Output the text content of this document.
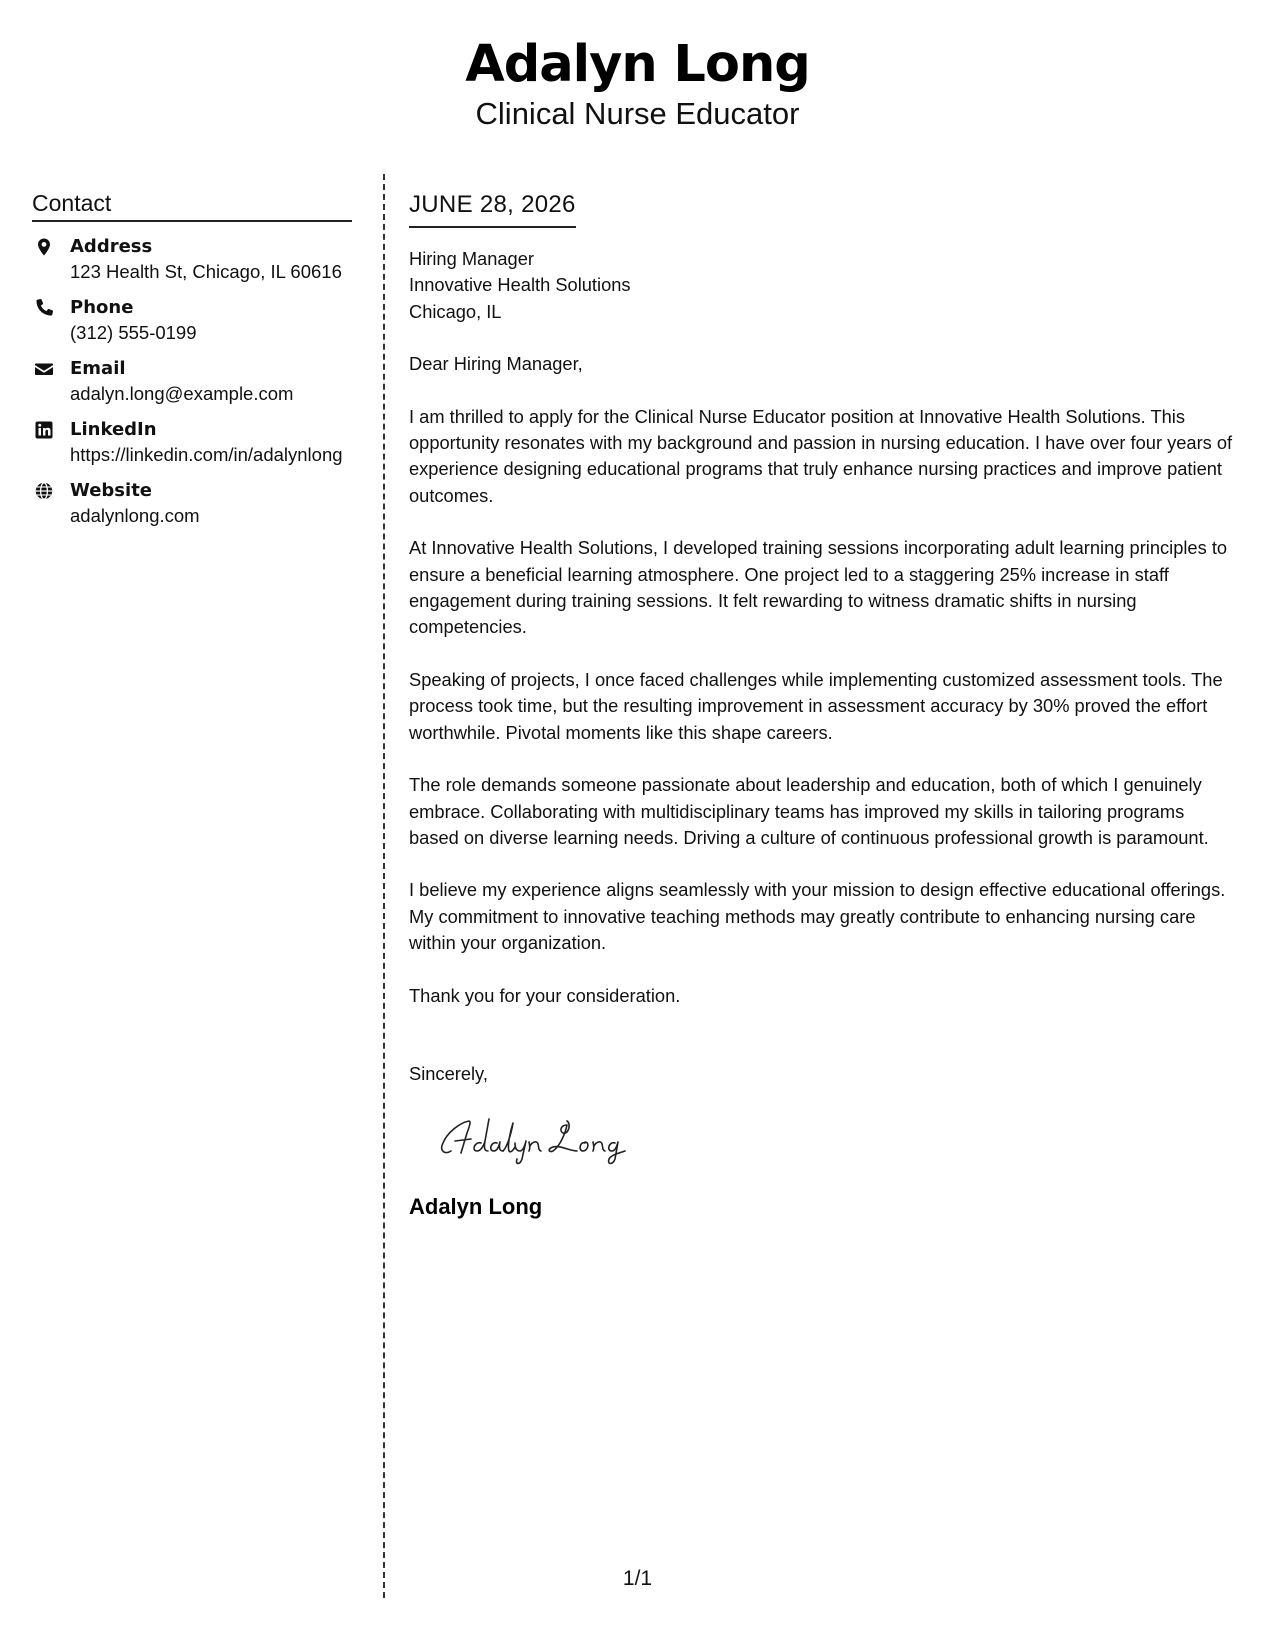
Adalyn Long
Clinical Nurse Educator
Contact
Address
123 Health St, Chicago, IL 60616
Phone
(312) 555-0199
Email
adalyn.long@example.com
LinkedIn
https://linkedin.com/in/adalynlong
Website
adalynlong.com
JUNE 28, 2026
Hiring Manager
Innovative Health Solutions
Chicago, IL
Dear Hiring Manager,

I am thrilled to apply for the Clinical Nurse Educator position at Innovative Health Solutions. This opportunity resonates with my background and passion in nursing education. I have over four years of experience designing educational programs that truly enhance nursing practices and improve patient outcomes.

At Innovative Health Solutions, I developed training sessions incorporating adult learning principles to ensure a beneficial learning atmosphere. One project led to a staggering 25% increase in staff engagement during training sessions. It felt rewarding to witness dramatic shifts in nursing competencies.

Speaking of projects, I once faced challenges while implementing customized assessment tools. The process took time, but the resulting improvement in assessment accuracy by 30% proved the effort worthwhile. Pivotal moments like this shape careers.

The role demands someone passionate about leadership and education, both of which I genuinely embrace. Collaborating with multidisciplinary teams has improved my skills in tailoring programs based on diverse learning needs. Driving a culture of continuous professional growth is paramount.

I believe my experience aligns seamlessly with your mission to design effective educational offerings. My commitment to innovative teaching methods may greatly contribute to enhancing nursing care within your organization.

Thank you for your consideration.

Sincerely,
Adalyn Long
1/1
